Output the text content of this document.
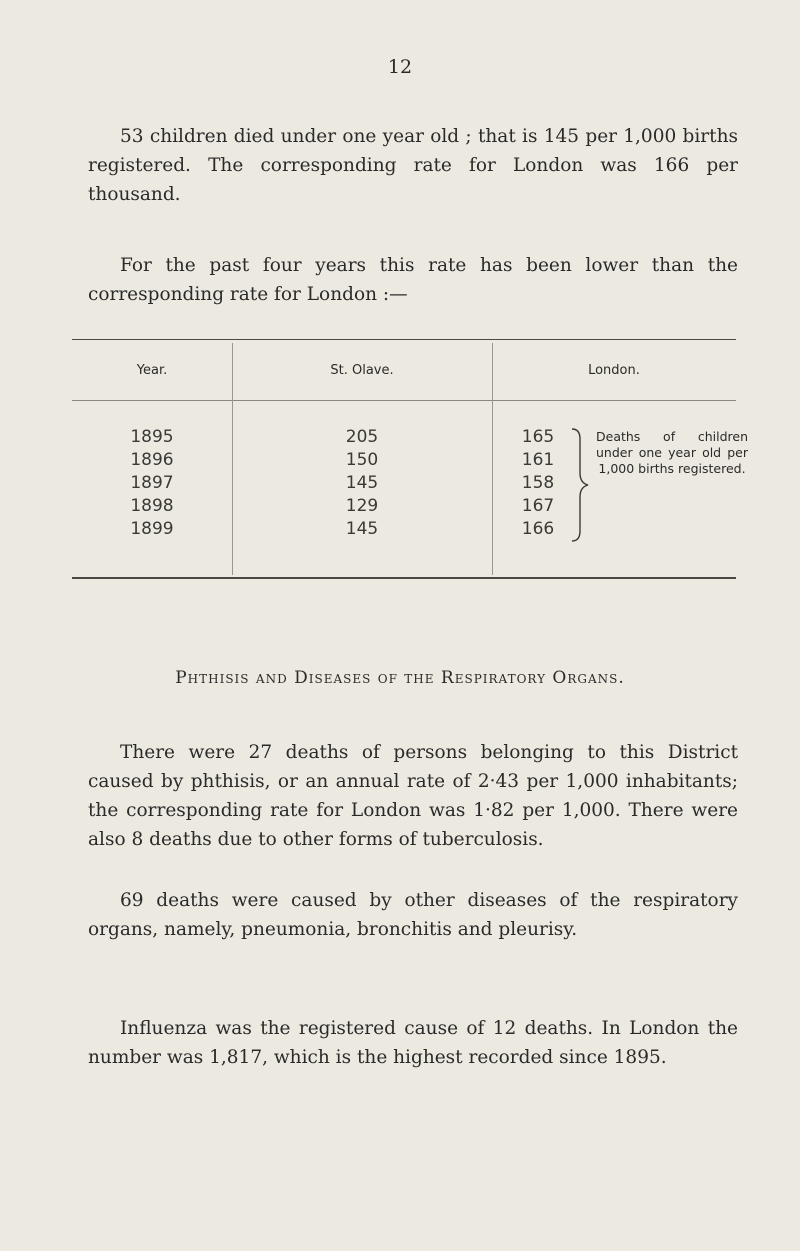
12

53 children died under one year old ; that is 145 per 1,000 births registered. The corresponding rate for London was 166 per thousand.

For the past four years this rate has been lower than the corresponding rate for London :—

Year.	St. Olave.	London.
1895	205	165
1896	150	161
1897	145	158
1898	129	167
1899	145	166
Deaths of children under one year old per 1,000 births registered.
Phthisis and Diseases of the Respiratory Organs.

There were 27 deaths of persons belonging to this District caused by phthisis, or an annual rate of 2·43 per 1,000 inhabitants; the corresponding rate for London was 1·82 per 1,000. There were also 8 deaths due to other forms of tuberculosis.

69 deaths were caused by other diseases of the respiratory organs, namely, pneumonia, bronchitis and pleurisy.

Influenza was the registered cause of 12 deaths. In London the number was 1,817, which is the highest recorded since 1895.
